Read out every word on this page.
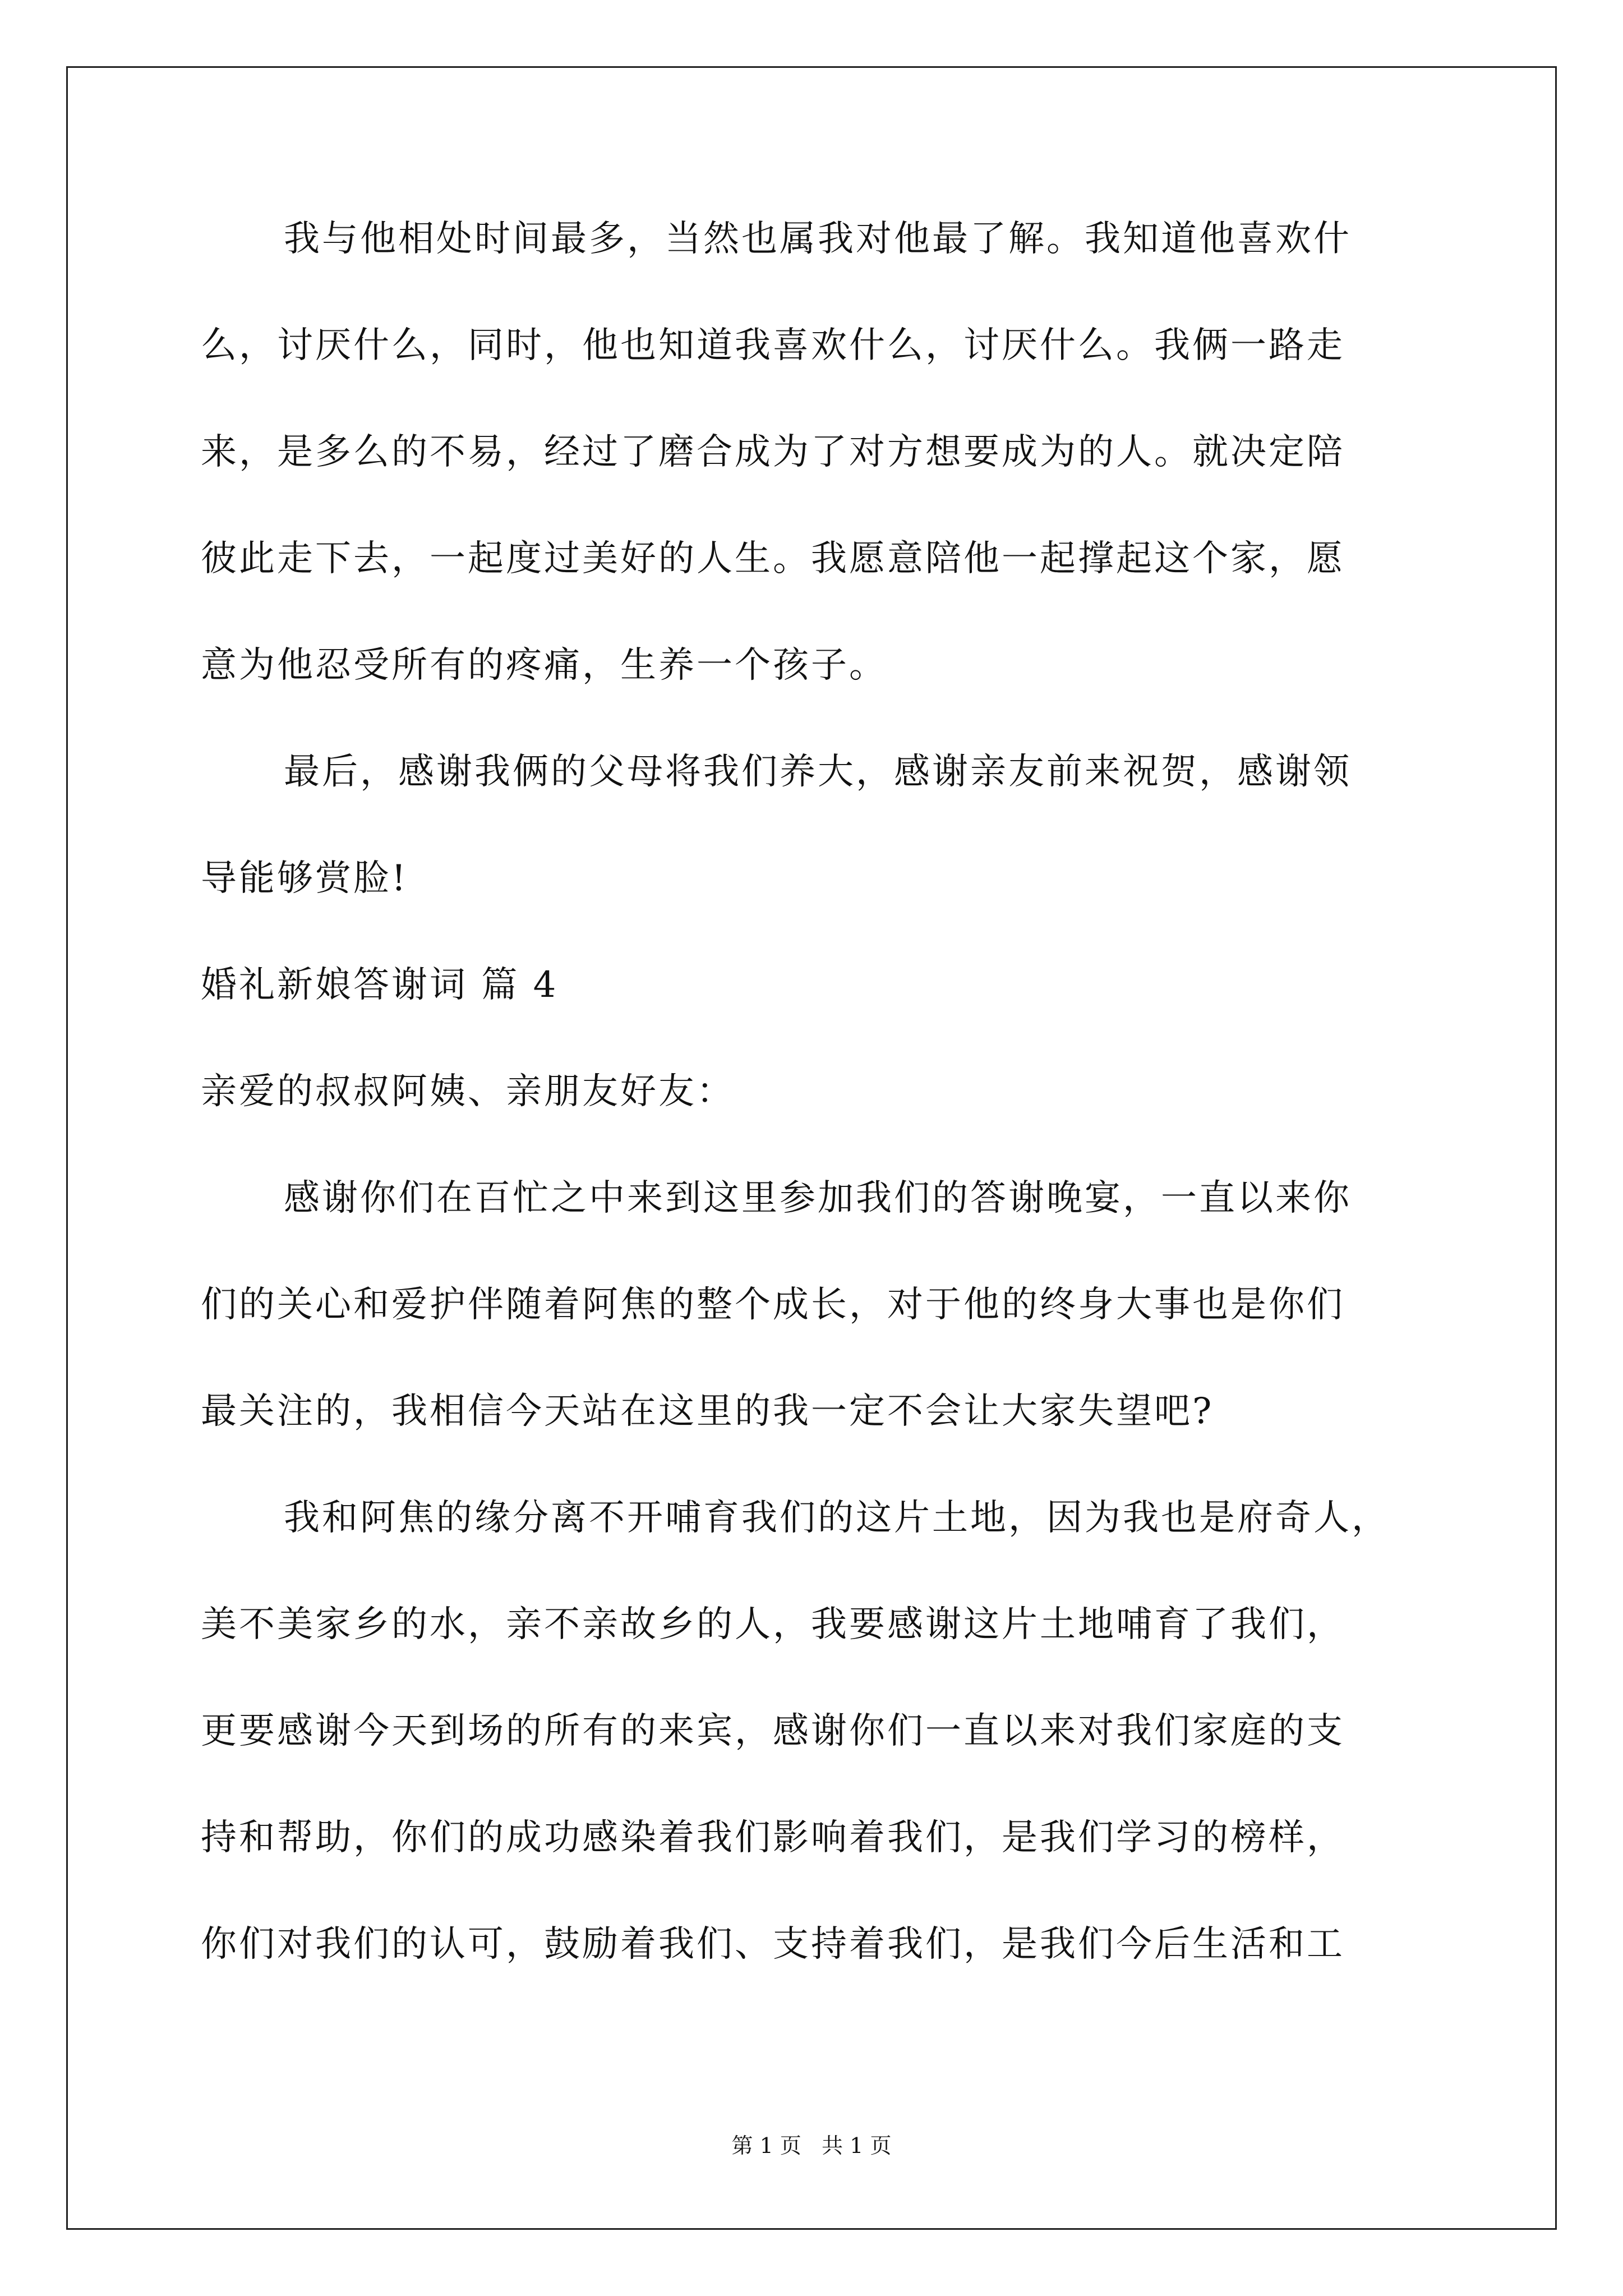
我与他相处时间最多，当然也属我对他最了解。我知道他喜欢什
么，讨厌什么，同时，他也知道我喜欢什么，讨厌什么。我俩一路走
来，是多么的不易，经过了磨合成为了对方想要成为的人。就决定陪
彼此走下去，一起度过美好的人生。我愿意陪他一起撑起这个家，愿
意为他忍受所有的疼痛，生养一个孩子。
最后，感谢我俩的父母将我们养大，感谢亲友前来祝贺，感谢领
导能够赏脸!
婚礼新娘答谢词 篇 4
亲爱的叔叔阿姨、亲朋友好友：
感谢你们在百忙之中来到这里参加我们的答谢晚宴，一直以来你
们的关心和爱护伴随着阿焦的整个成长，对于他的终身大事也是你们
最关注的，我相信今天站在这里的我一定不会让大家失望吧?
我和阿焦的缘分离不开哺育我们的这片土地，因为我也是府奇人，
美不美家乡的水，亲不亲故乡的人，我要感谢这片土地哺育了我们，
更要感谢今天到场的所有的来宾，感谢你们一直以来对我们家庭的支
持和帮助，你们的成功感染着我们影响着我们，是我们学习的榜样，
你们对我们的认可，鼓励着我们、支持着我们，是我们今后生活和工
第 1 页   共 1 页
